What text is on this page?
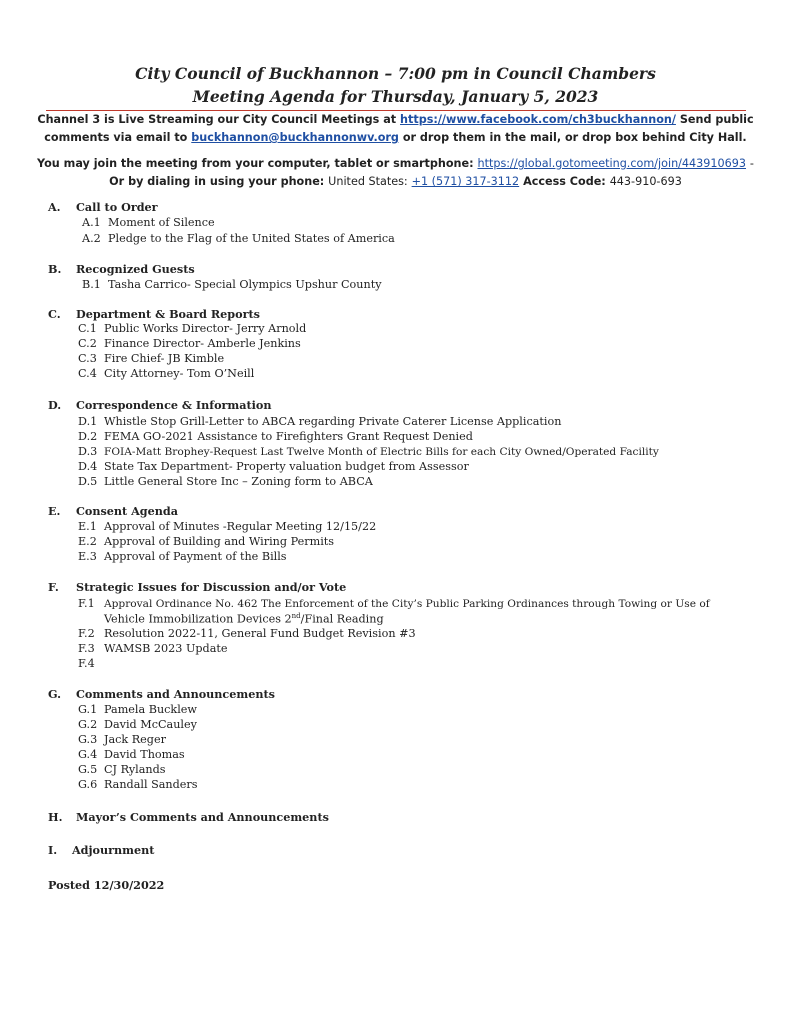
City Council of Buckhannon – 7:00 pm in Council Chambers
Meeting Agenda for Thursday, January 5, 2023
Channel 3 is Live Streaming our City Council Meetings at https://www.facebook.com/ch3buckhannon/ Send public
comments via email to buckhannon@buckhannonwv.org or drop them in the mail, or drop box behind City Hall.
You may join the meeting from your computer, tablet or smartphone: https://global.gotomeeting.com/join/443910693 -
Or by dialing in using your phone: United States: +1 (571) 317-3112 Access Code: 443-910-693
A. Call to Order
A.1 Moment of Silence
A.2 Pledge to the Flag of the United States of America
B. Recognized Guests
B.1 Tasha Carrico- Special Olympics Upshur County
C. Department & Board Reports
C.1 Public Works Director- Jerry Arnold
C.2 Finance Director- Amberle Jenkins
C.3 Fire Chief- JB Kimble
C.4 City Attorney- Tom O’Neill
D. Correspondence & Information
D.1 Whistle Stop Grill-Letter to ABCA regarding Private Caterer License Application
D.2 FEMA GO-2021 Assistance to Firefighters Grant Request Denied
D.3 FOIA-Matt Brophey-Request Last Twelve Month of Electric Bills for each City Owned/Operated Facility
D.4 State Tax Department- Property valuation budget from Assessor
D.5 Little General Store Inc – Zoning form to ABCA
E. Consent Agenda
E.1 Approval of Minutes -Regular Meeting 12/15/22
E.2 Approval of Building and Wiring Permits
E.3 Approval of Payment of the Bills
F. Strategic Issues for Discussion and/or Vote
F.1 Approval Ordinance No. 462 The Enforcement of the City’s Public Parking Ordinances through Towing or Use of
Vehicle Immobilization Devices 2nd/Final Reading
F.2 Resolution 2022-11, General Fund Budget Revision #3
F.3 WAMSB 2023 Update
F.4
G. Comments and Announcements
G.1 Pamela Bucklew
G.2 David McCauley
G.3 Jack Reger
G.4 David Thomas
G.5 CJ Rylands
G.6 Randall Sanders
H. Mayor’s Comments and Announcements
I. Adjournment
Posted 12/30/2022
